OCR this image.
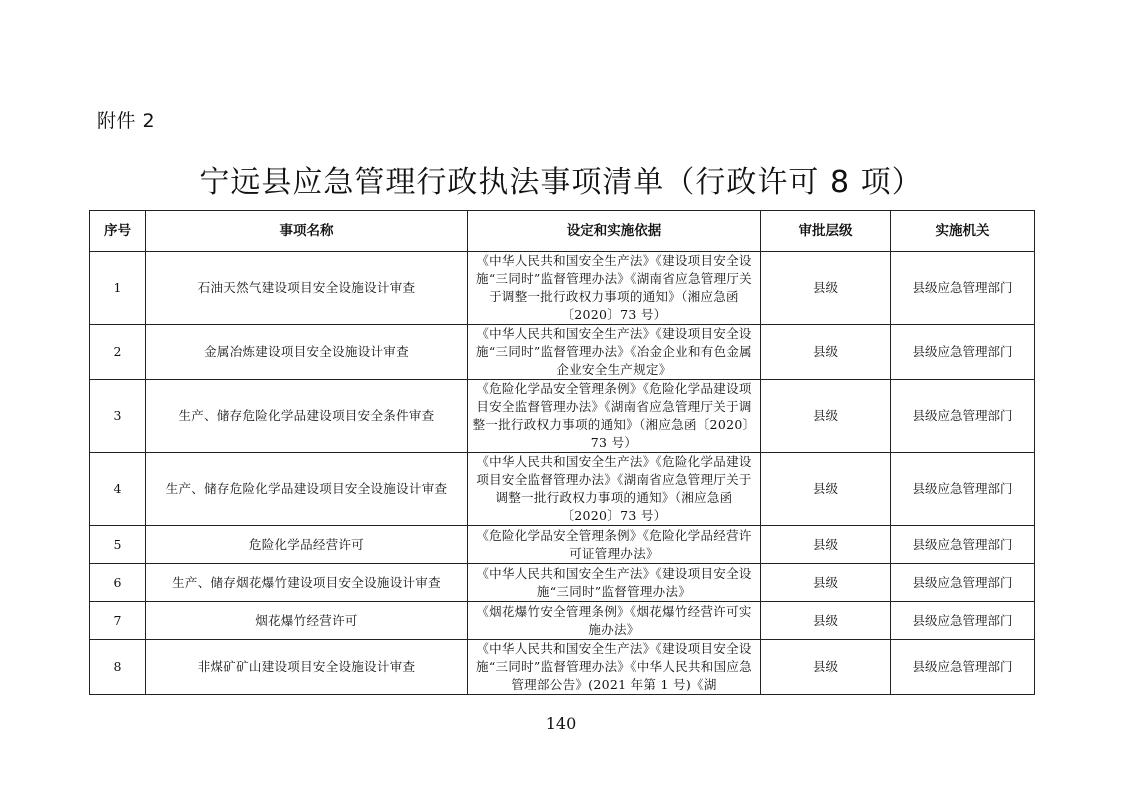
附件 2
宁远县应急管理行政执法事项清单（行政许可 8 项）
序号	事项名称	设定和实施依据	审批层级	实施机关
1	石油天然气建设项目安全设施设计审查	《中华人民共和国安全生产法》《建设项目安全设施“三同时”监督管理办法》《湖南省应急管理厅关于调整一批行政权力事项的通知》（湘应急函〔2020〕73 号）	县级	县级应急管理部门
2	金属冶炼建设项目安全设施设计审查	《中华人民共和国安全生产法》《建设项目安全设施“三同时”监督管理办法》《冶金企业和有色金属企业安全生产规定》	县级	县级应急管理部门
3	生产、储存危险化学品建设项目安全条件审查	《危险化学品安全管理条例》《危险化学品建设项目安全监督管理办法》《湖南省应急管理厅关于调整一批行政权力事项的通知》（湘应急函〔2020〕73 号）	县级	县级应急管理部门
4	生产、储存危险化学品建设项目安全设施设计审查	《中华人民共和国安全生产法》《危险化学品建设项目安全监督管理办法》《湖南省应急管理厅关于调整一批行政权力事项的通知》（湘应急函〔2020〕73 号）	县级	县级应急管理部门
5	危险化学品经营许可	《危险化学品安全管理条例》《危险化学品经营许可证管理办法》	县级	县级应急管理部门
6	生产、储存烟花爆竹建设项目安全设施设计审查	《中华人民共和国安全生产法》《建设项目安全设施“三同时”监督管理办法》	县级	县级应急管理部门
7	烟花爆竹经营许可	《烟花爆竹安全管理条例》《烟花爆竹经营许可实施办法》	县级	县级应急管理部门
8	非煤矿矿山建设项目安全设施设计审查	《中华人民共和国安全生产法》《建设项目安全设施“三同时”监督管理办法》《中华人民共和国应急管理部公告》(2021 年第 1 号)《湖	县级	县级应急管理部门
140
